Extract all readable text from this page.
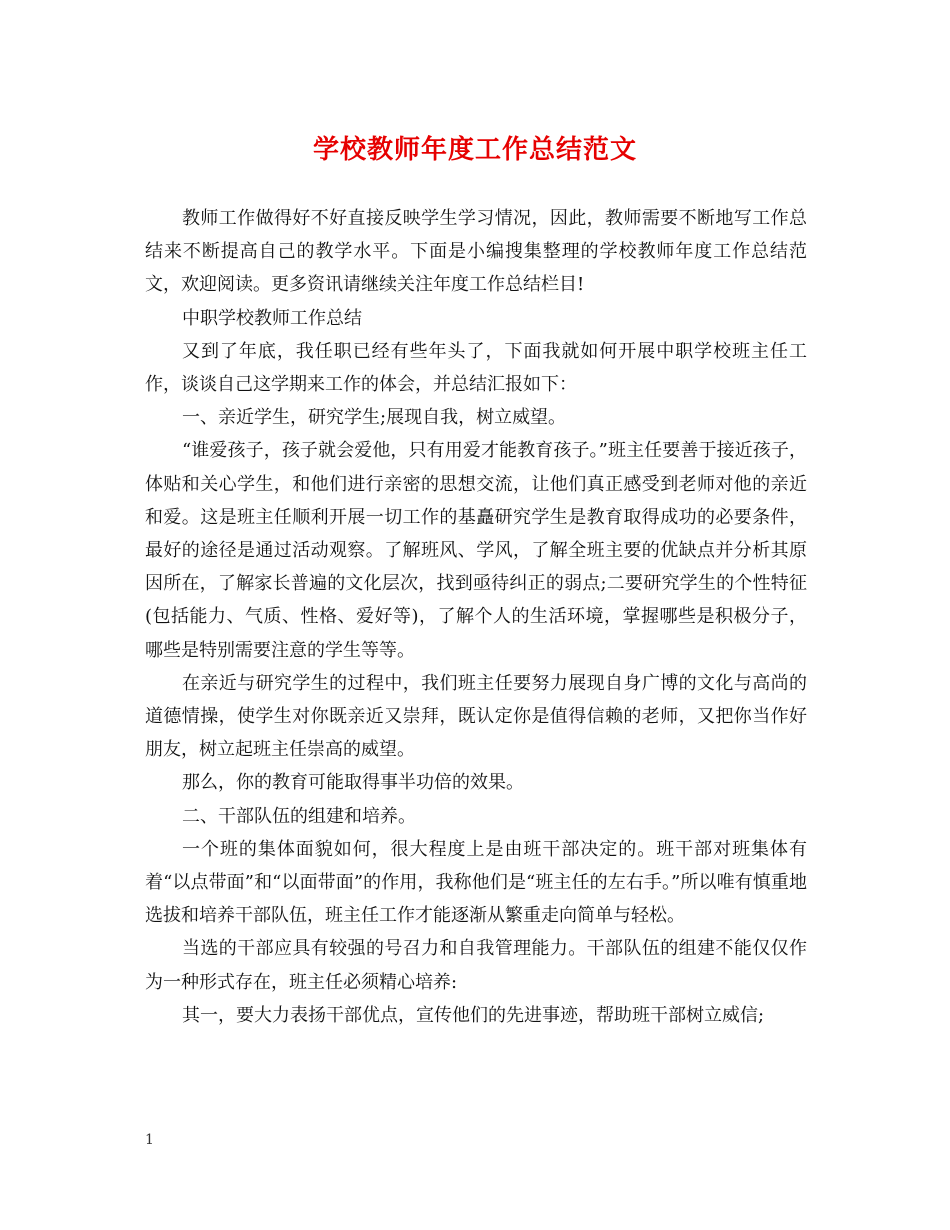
学校教师年度工作总结范文

教师工作做得好不好直接反映学生学习情况，因此，教师需要不断地写工作总结来不断提高自己的教学水平。下面是小编搜集整理的学校教师年度工作总结范文，欢迎阅读。更多资讯请继续关注年度工作总结栏目!

中职学校教师工作总结

又到了年底，我任职已经有些年头了，下面我就如何开展中职学校班主任工作，谈谈自己这学期来工作的体会，并总结汇报如下：

一、亲近学生，研究学生;展现自我，树立威望。

“谁爱孩子，孩子就会爱他，只有用爱才能教育孩子。”班主任要善于接近孩子，体贴和关心学生，和他们进行亲密的思想交流，让他们真正感受到老师对他的亲近和爱。这是班主任顺利开展一切工作的基矗研究学生是教育取得成功的必要条件，最好的途径是通过活动观察。了解班风、学风，了解全班主要的优缺点并分析其原因所在，了解家长普遍的文化层次，找到亟待纠正的弱点;二要研究学生的个性特征(包括能力、气质、性格、爱好等)，了解个人的生活环境，掌握哪些是积极分子，哪些是特别需要注意的学生等等。

在亲近与研究学生的过程中，我们班主任要努力展现自身广博的文化与高尚的道德情操，使学生对你既亲近又崇拜，既认定你是值得信赖的老师，又把你当作好朋友，树立起班主任崇高的威望。

那么，你的教育可能取得事半功倍的效果。

二、干部队伍的组建和培养。

一个班的集体面貌如何，很大程度上是由班干部决定的。班干部对班集体有着“以点带面”和“以面带面”的作用，我称他们是“班主任的左右手。”所以唯有慎重地选拔和培养干部队伍，班主任工作才能逐渐从繁重走向简单与轻松。

当选的干部应具有较强的号召力和自我管理能力。干部队伍的组建不能仅仅作为一种形式存在，班主任必须精心培养:

其一，要大力表扬干部优点，宣传他们的先进事迹，帮助班干部树立威信;

1
